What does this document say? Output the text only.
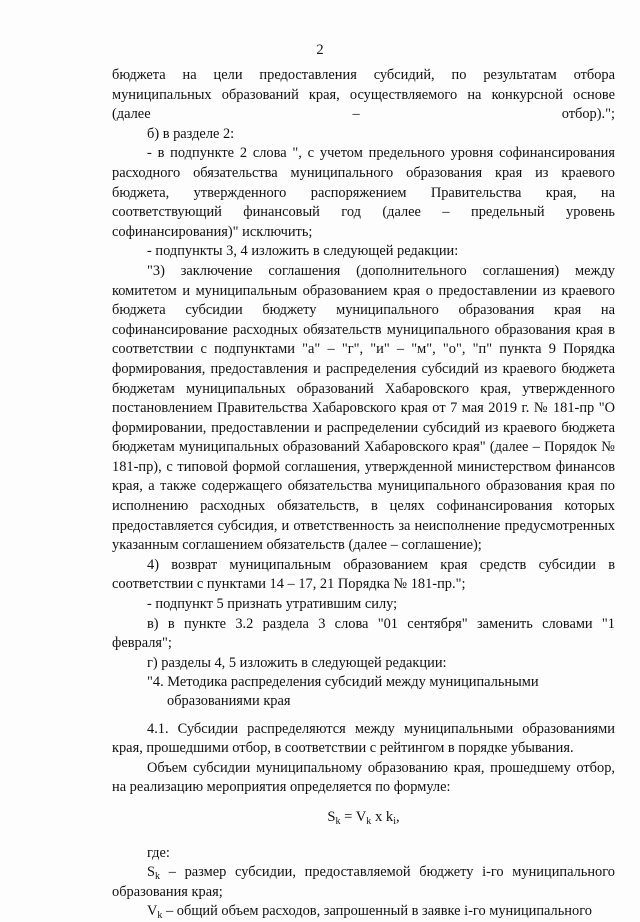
2

бюджета на цели предоставления субсидий, по результатам отбора муниципальных образований края, осуществляемого на конкурсной основе (далее – отбор).";

б) в разделе 2:

- в подпункте 2 слова ", с учетом предельного уровня софинансирования расходного обязательства муниципального образования края из краевого бюджета, утвержденного распоряжением Правительства края, на соответствующий финансовый год (далее – предельный уровень софинансирования)" исключить;

- подпункты 3, 4 изложить в следующей редакции:

"3) заключение соглашения (дополнительного соглашения) между комитетом и муниципальным образованием края о предоставлении из краевого бюджета субсидии бюджету муниципального образования края на софинансирование расходных обязательств муниципального образования края в соответствии с подпунктами "а" – "г", "и" – "м", "о", "п" пункта 9 Порядка формирования, предоставления и распределения субсидий из краевого бюджета бюджетам муниципальных образований Хабаровского края, утвержденного постановлением Правительства Хабаровского края от 7 мая 2019 г. № 181-пр "О формировании, предоставлении и распределении субсидий из краевого бюджета бюджетам муниципальных образований Хабаровского края" (далее – Порядок № 181-пр), с типовой формой соглашения, утвержденной министерством финансов края, а также содержащего обязательства муниципального образования края по исполнению расходных обязательств, в целях софинансирования которых предоставляется субсидия, и ответственность за неисполнение предусмотренных указанным соглашением обязательств (далее – соглашение);

4) возврат муниципальным образованием края средств субсидии в соответствии с пунктами 14 – 17, 21 Порядка № 181-пр.";

- подпункт 5 признать утратившим силу;

в) в пункте 3.2 раздела 3 слова "01 сентября" заменить словами "1 февраля";

г) разделы 4, 5 изложить в следующей редакции:

"4. Методика распределения субсидий между муниципальными
образованиями края

4.1. Субсидии распределяются между муниципальными образованиями края, прошедшими отбор, в соответствии с рейтингом в порядке убывания.

Объем субсидии муниципальному образованию края, прошедшему отбор, на реализацию мероприятия определяется по формуле:

$S_k = V_k$ x $k_i$,

где:

$S_k$ – размер субсидии, предоставляемой бюджету i-го муниципального образования края;

$V_k$ – общий объем расходов, запрошенный в заявке i-го муниципального
